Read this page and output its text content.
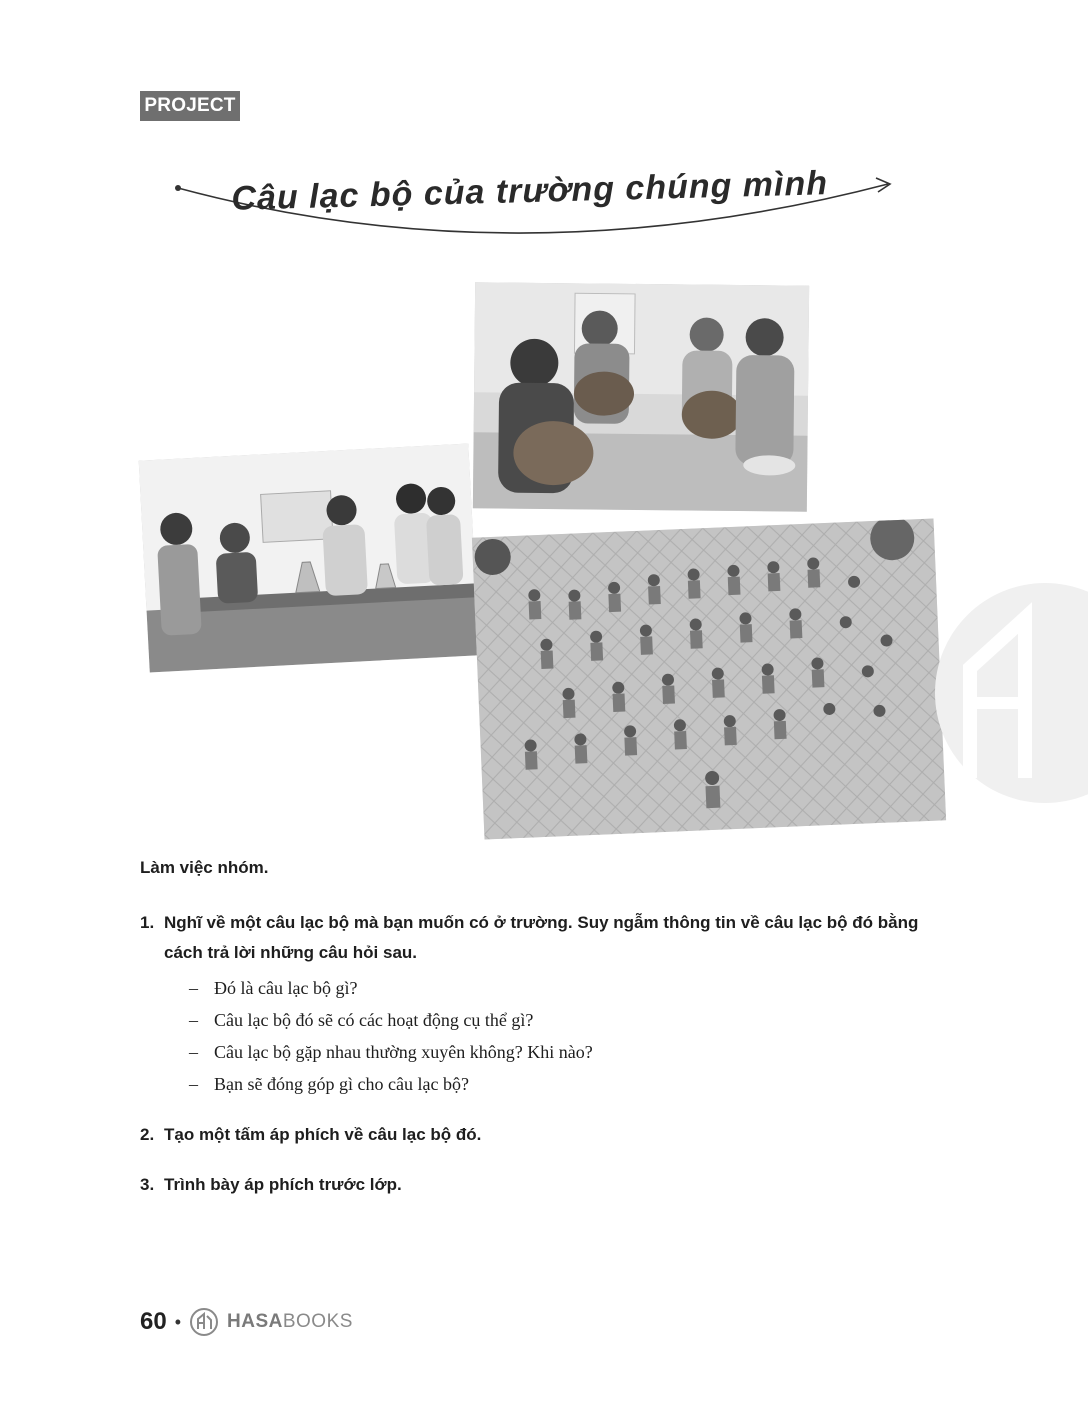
PROJECT
Câu lạc bộ của trường chúng mình

Làm việc nhóm.

1. Nghĩ về một câu lạc bộ mà bạn muốn có ở trường. Suy ngẫm thông tin về câu lạc bộ đó bằng cách trả lời những câu hỏi sau.
– Đó là câu lạc bộ gì?
– Câu lạc bộ đó sẽ có các hoạt động cụ thể gì?
– Câu lạc bộ gặp nhau thường xuyên không? Khi nào?
– Bạn sẽ đóng góp gì cho câu lạc bộ?
2. Tạo một tấm áp phích về câu lạc bộ đó.
3. Trình bày áp phích trước lớp.
60 • HASABOOKS
